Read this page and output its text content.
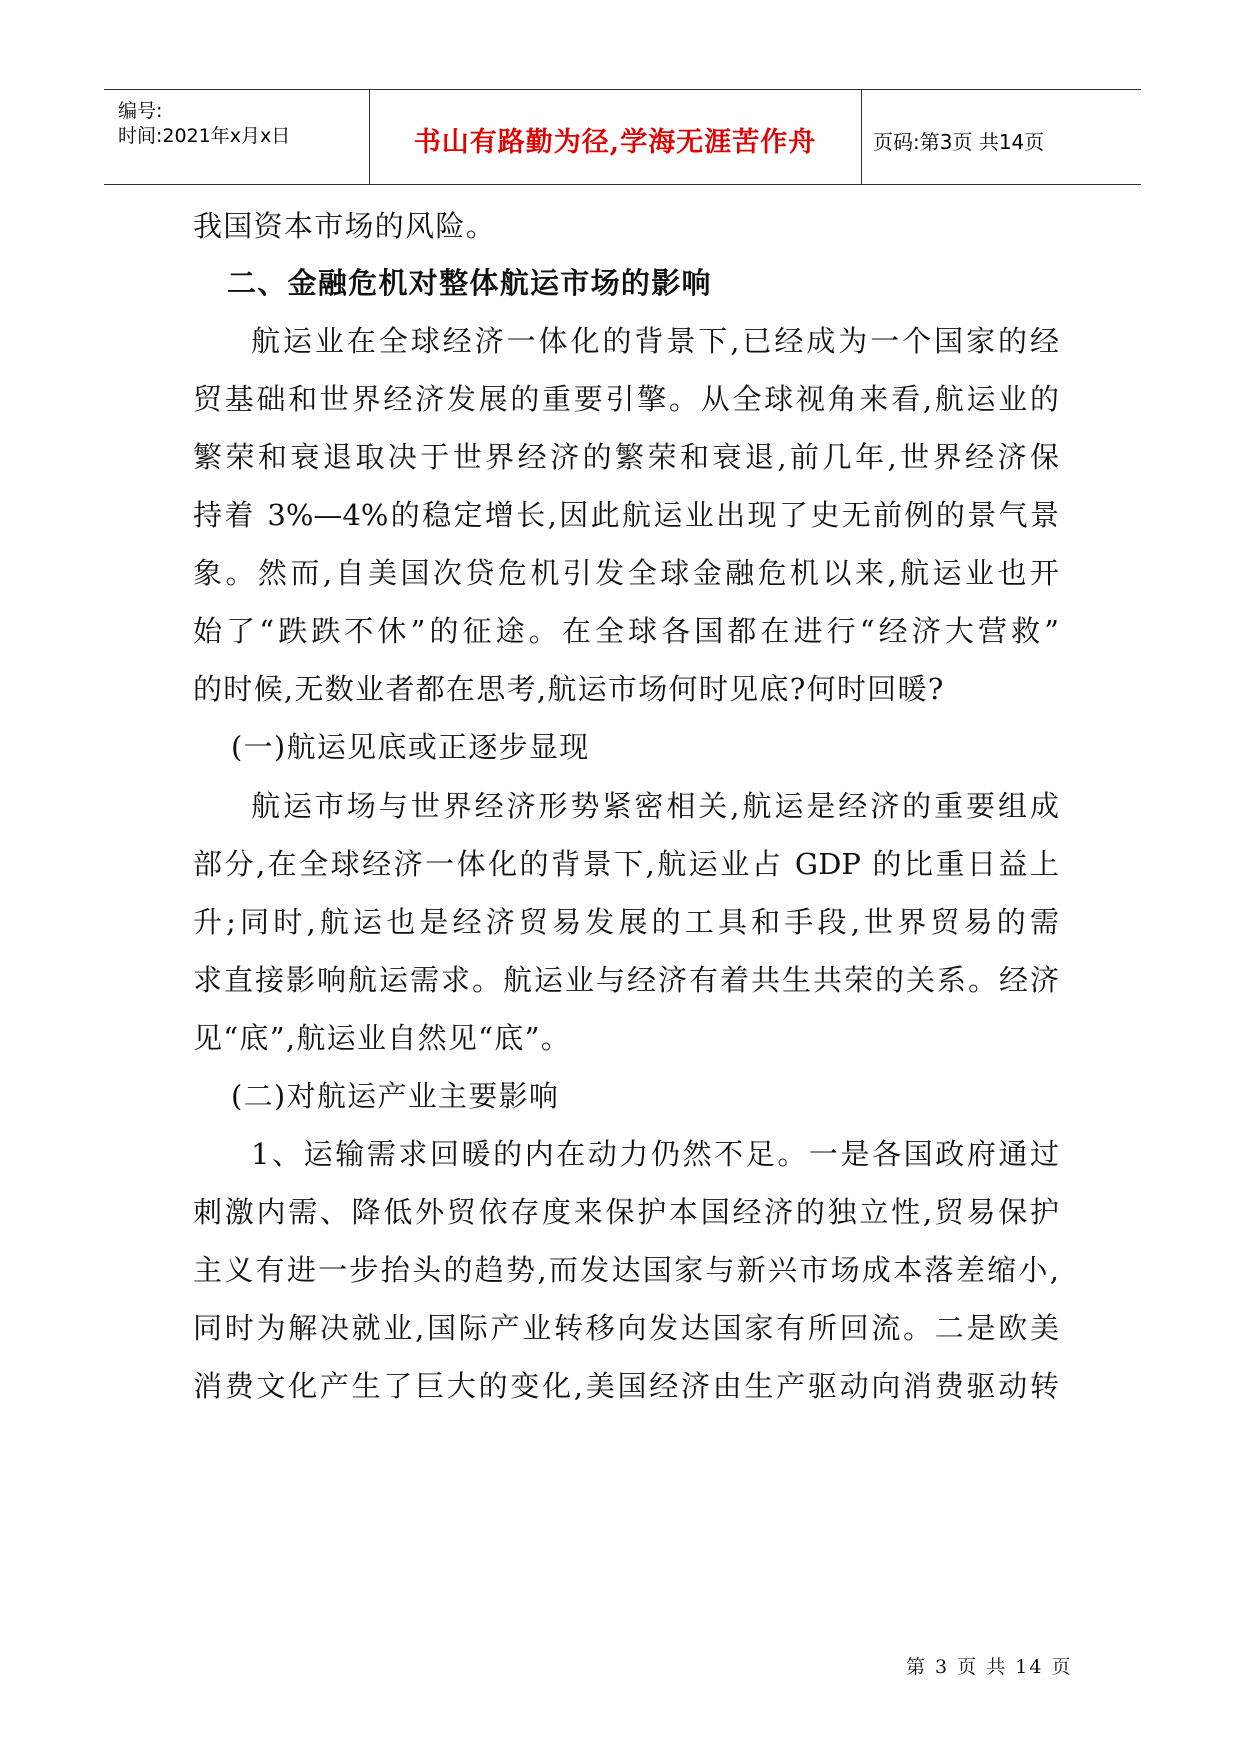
编号:
时间:2021年x月x日	书山有路勤为径,学海无涯苦作舟	页码:第3页 共14页
我国资本市场的风险。
二、金融危机对整体航运市场的影响
航运业在全球经济一体化的背景下,已经成为一个国家的经
贸基础和世界经济发展的重要引擎。从全球视角来看,航运业的
繁荣和衰退取决于世界经济的繁荣和衰退,前几年,世界经济保
持着 3%—4%的稳定增长,因此航运业出现了史无前例的景气景
象。然而,自美国次贷危机引发全球金融危机以来,航运业也开
始了“跌跌不休”的征途。在全球各国都在进行“经济大营救”
的时候,无数业者都在思考,航运市场何时见底?何时回暖?
(一)航运见底或正逐步显现
航运市场与世界经济形势紧密相关,航运是经济的重要组成
部分,在全球经济一体化的背景下,航运业占 GDP 的比重日益上
升;同时,航运也是经济贸易发展的工具和手段,世界贸易的需
求直接影响航运需求。航运业与经济有着共生共荣的关系。经济
见“底”,航运业自然见“底”。
(二)对航运产业主要影响
1、运输需求回暖的内在动力仍然不足。一是各国政府通过
刺激内需、降低外贸依存度来保护本国经济的独立性,贸易保护
主义有进一步抬头的趋势,而发达国家与新兴市场成本落差缩小,
同时为解决就业,国际产业转移向发达国家有所回流。二是欧美
消费文化产生了巨大的变化,美国经济由生产驱动向消费驱动转
第 3 页 共 14 页
